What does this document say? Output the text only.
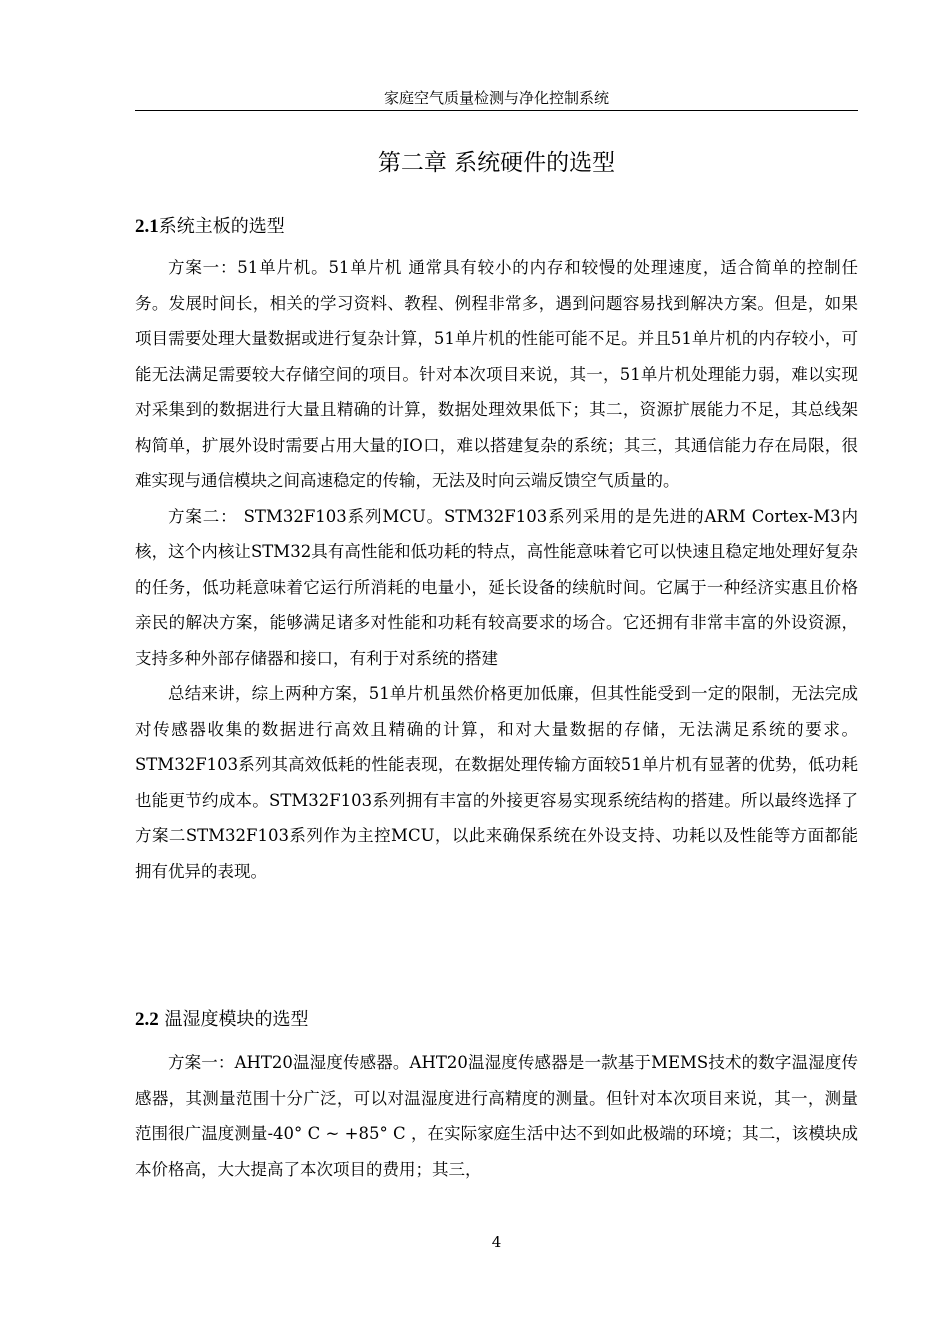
家庭空气质量检测与净化控制系统
第二章 系统硬件的选型
2.1系统主板的选型

方案一：51单片机。51单片机 通常具有较小的内存和较慢的处理速度，适合简单的控制任务。发展时间长，相关的学习资料、教程、例程非常多，遇到问题容易找到解决方案。但是，如果项目需要处理大量数据或进行复杂计算，51单片机的性能可能不足。并且51单片机的内存较小，可能无法满足需要较大存储空间的项目。针对本次项目来说，其一，51单片机处理能力弱，难以实现对采集到的数据进行大量且精确的计算，数据处理效果低下；其二，资源扩展能力不足，其总线架构简单，扩展外设时需要占用大量的IO口，难以搭建复杂的系统；其三，其通信能力存在局限，很难实现与通信模块之间高速稳定的传输，无法及时向云端反馈空气质量的。

方案二： STM32F103系列MCU。STM32F103系列采用的是先进的ARM Cortex-M3内核，这个内核让STM32具有高性能和低功耗的特点，高性能意味着它可以快速且稳定地处理好复杂的任务，低功耗意味着它运行所消耗的电量小，延长设备的续航时间。它属于一种经济实惠且价格亲民的解决方案，能够满足诸多对性能和功耗有较高要求的场合。它还拥有非常丰富的外设资源，支持多种外部存储器和接口，有利于对系统的搭建

总结来讲，综上两种方案，51单片机虽然价格更加低廉，但其性能受到一定的限制，无法完成对传感器收集的数据进行高效且精确的计算，和对大量数据的存储，无法满足系统的要求。STM32F103系列其高效低耗的性能表现，在数据处理传输方面较51单片机有显著的优势，低功耗也能更节约成本。STM32F103系列拥有丰富的外接更容易实现系统结构的搭建。所以最终选择了方案二STM32F103系列作为主控MCU，以此来确保系统在外设支持、功耗以及性能等方面都能拥有优异的表现。

2.2 温湿度模块的选型

方案一：AHT20温湿度传感器。AHT20温湿度传感器是一款基于MEMS技术的数字温湿度传感器，其测量范围十分广泛，可以对温湿度进行高精度的测量。但针对本次项目来说，其一，测量范围很广温度测量-40° C ~ +85° C ，在实际家庭生活中达不到如此极端的环境；其二，该模块成本价格高，大大提高了本次项目的费用；其三，

4
